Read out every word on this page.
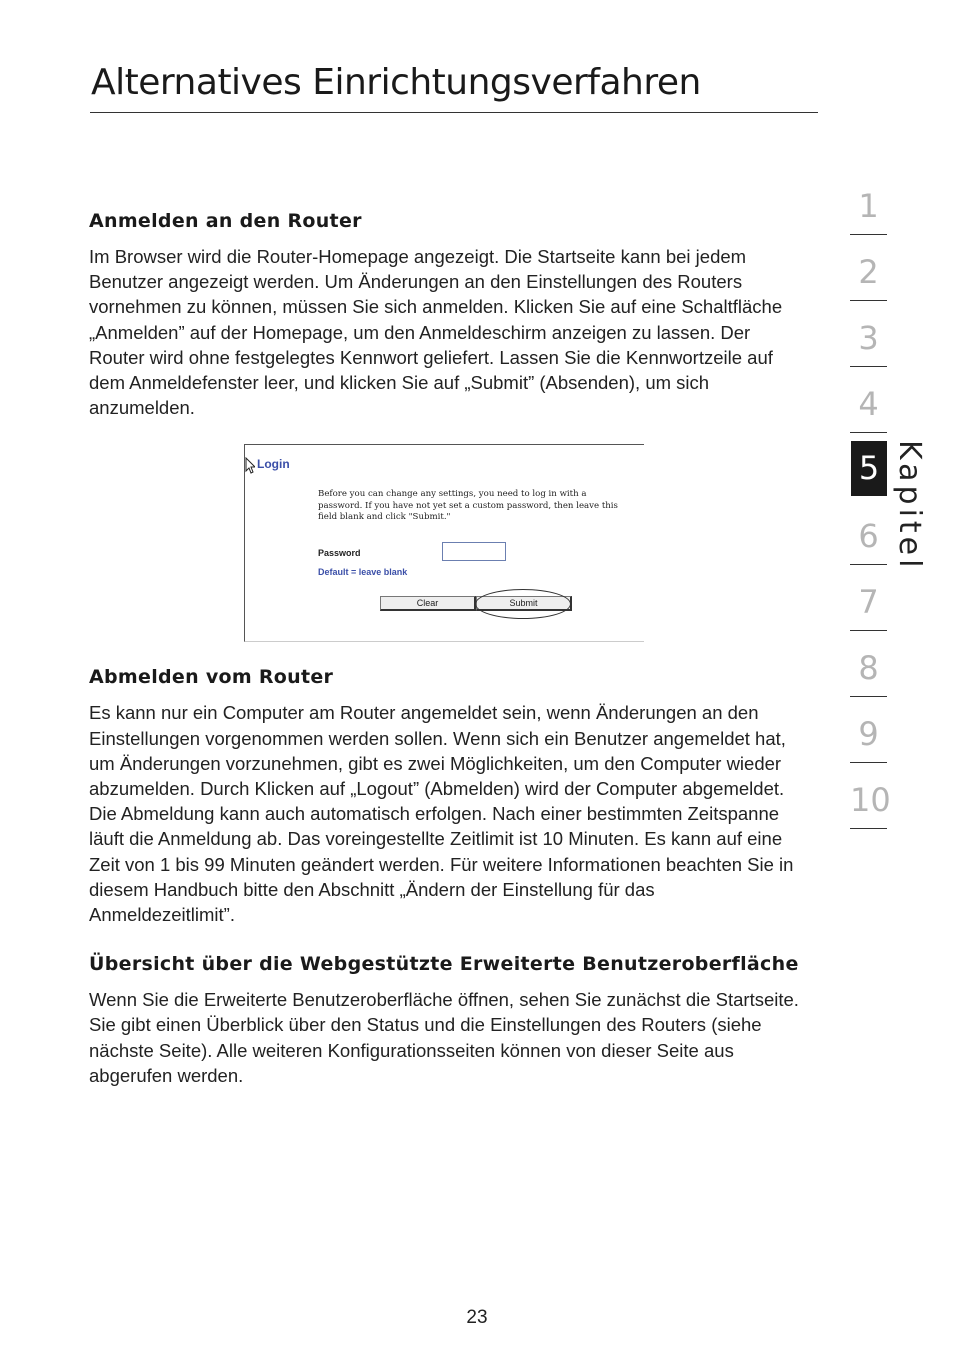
Alternatives Einrichtungsverfahren
Anmelden an den Router

Im Browser wird die Router-Homepage angezeigt. Die Startseite kann bei jedem Benutzer angezeigt werden. Um Änderungen an den Einstellungen des Routers vornehmen zu können, müssen Sie sich anmelden. Klicken Sie auf eine Schaltfläche „Anmelden” auf der Homepage, um den Anmeldeschirm anzeigen zu lassen. Der Router wird ohne festgelegtes Kennwort geliefert. Lassen Sie die Kennwortzeile auf dem Anmeldefenster leer, und klicken Sie auf „Submit” (Absenden), um sich anzumelden.

Login
Before you can change any settings, you need to log in with a password. If you have not yet set a custom password, then leave this field blank and click "Submit."
Password
Default = leave blank
Clear	Submit
Abmelden vom Router

Es kann nur ein Computer am Router angemeldet sein, wenn Änderungen an den Einstellungen vorgenommen werden sollen. Wenn sich ein Benutzer angemeldet hat, um Änderungen vorzunehmen, gibt es zwei Möglichkeiten, um den Computer wieder abzumelden. Durch Klicken auf „Logout” (Abmelden) wird der Computer abgemeldet. Die Abmeldung kann auch automatisch erfolgen. Nach einer bestimmten Zeitspanne läuft die Anmeldung ab. Das voreingestellte Zeitlimit ist 10 Minuten. Es kann auf eine Zeit von 1 bis 99 Minuten geändert werden. Für weitere Informationen beachten Sie in diesem Handbuch bitte den Abschnitt „Ändern der Einstellung für das Anmeldezeitlimit”.

Übersicht über die Webgestützte Erweiterte Benutzeroberfläche

Wenn Sie die Erweiterte Benutzeroberfläche öffnen, sehen Sie zunächst die Startseite. Sie gibt einen Überblick über den Status und die Einstellungen des Routers (siehe nächste Seite). Alle weiteren Konfigurationsseiten können von dieser Seite aus abgerufen werden.

1
2
3
4
6
7
8
9
10
5 Kapitel
23
